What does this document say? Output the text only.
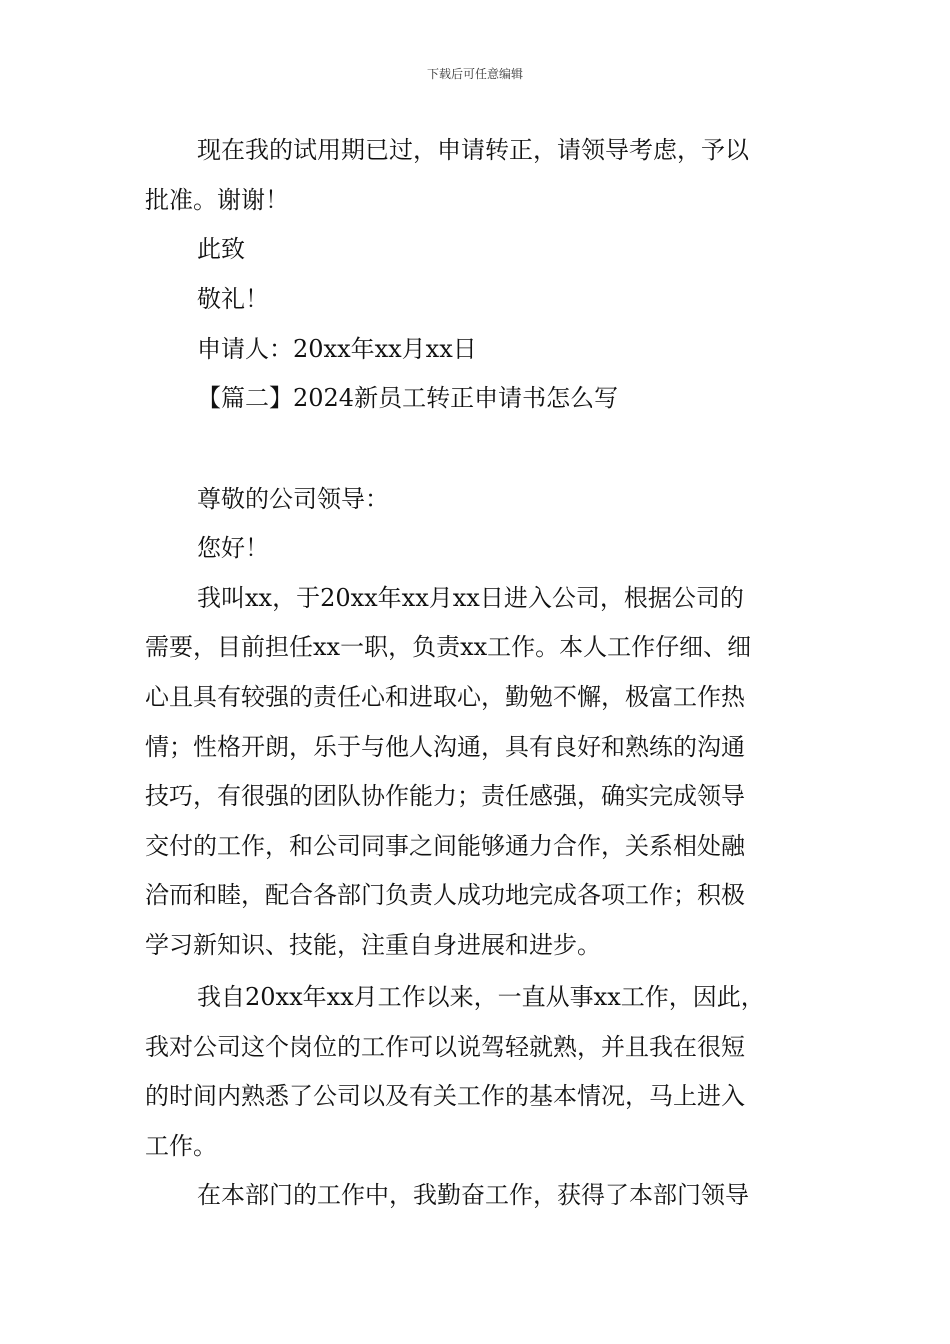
下载后可任意编辑
现在我的试用期已过，申请转正，请领导考虑，予以
批准。谢谢！
此致
敬礼！
申请人：20xx年xx月xx日
【篇二】2024新员工转正申请书怎么写
尊敬的公司领导：
您好！
我叫xx，于20xx年xx月xx日进入公司，根据公司的
需要，目前担任xx一职，负责xx工作。本人工作仔细、细
心且具有较强的责任心和进取心，勤勉不懈，极富工作热
情；性格开朗，乐于与他人沟通，具有良好和熟练的沟通
技巧，有很强的团队协作能力；责任感强，确实完成领导
交付的工作，和公司同事之间能够通力合作，关系相处融
洽而和睦，配合各部门负责人成功地完成各项工作；积极
学习新知识、技能，注重自身进展和进步。
我自20xx年xx月工作以来，一直从事xx工作，因此，
我对公司这个岗位的工作可以说驾轻就熟，并且我在很短
的时间内熟悉了公司以及有关工作的基本情况，马上进入
工作。
在本部门的工作中，我勤奋工作，获得了本部门领导
